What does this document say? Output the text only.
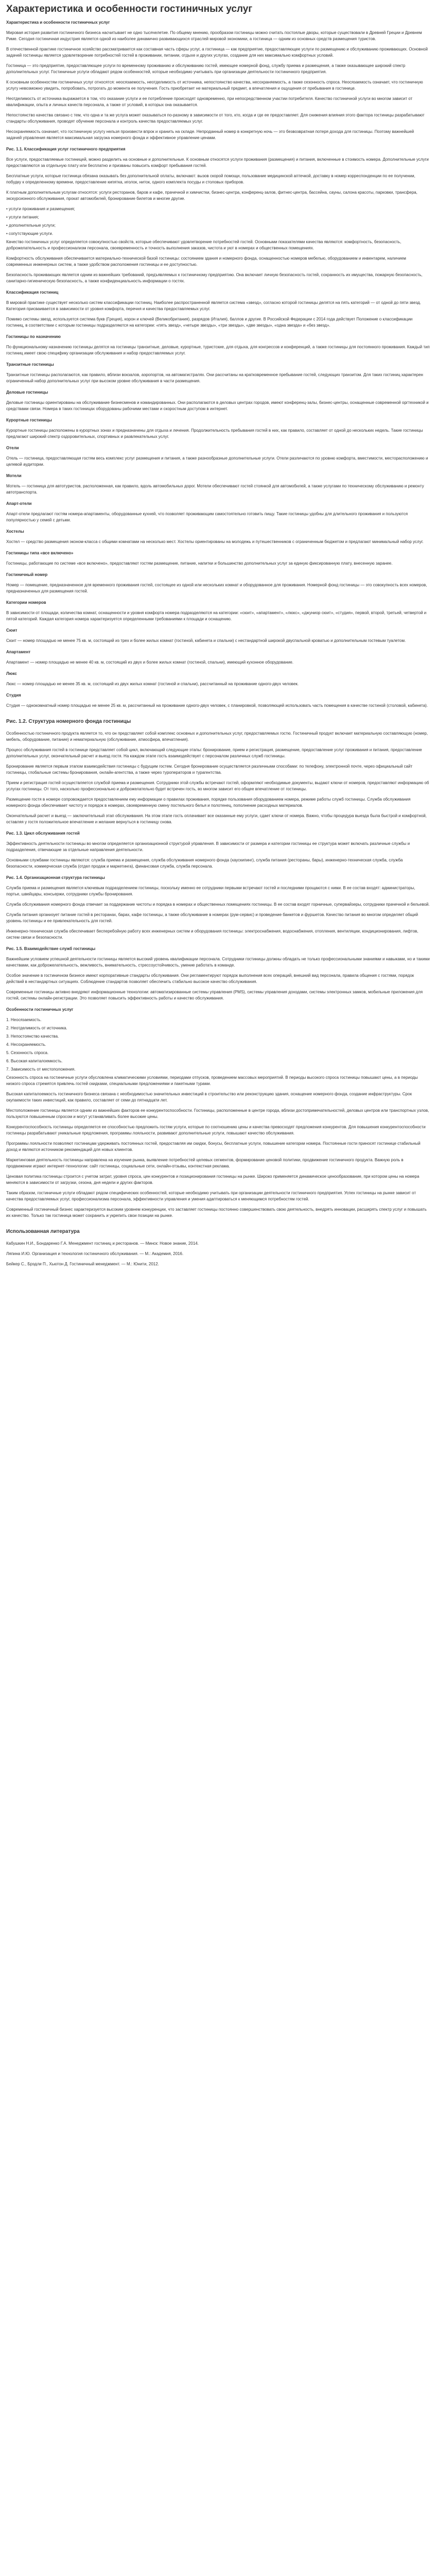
Характеристика и особенности гостиничных услуг

Характеристика и особенности гостиничных услуг

Мировая история развития гостиничного бизнеса насчитывает не одно тысячелетие. По общему мнению, прообразом гостиницы можно считать постоялые дворы, которые существовали в Древней Греции и Древнем Риме. Сегодня гостиничная индустрия является одной из наиболее динамично развивающихся отраслей мировой экономики, а гостиница — одним из основных средств размещения туристов.

В отечественной практике гостиничное хозяйство рассматривается как составная часть сферы услуг, а гостиница — как предприятие, предоставляющее услуги по размещению и обслуживанию проживающих. Основной задачей гостиницы является удовлетворение потребностей гостей в проживании, питании, отдыхе и других услугах, создание для них максимально комфортных условий.

Гостиница — это предприятие, предоставляющее услуги по временному проживанию и обслуживанию гостей, имеющее номерной фонд, службу приема и размещения, а также оказывающее широкий спектр дополнительных услуг. Гостиничные услуги обладают рядом особенностей, которые необходимо учитывать при организации деятельности гостиничного предприятия.

К основным особенностям гостиничных услуг относятся: неосязаемость, неотделимость от источника, непостоянство качества, несохраняемость, а также сезонность спроса. Неосязаемость означает, что гостиничную услугу невозможно увидеть, попробовать, потрогать до момента ее получения. Гость приобретает не материальный предмет, а впечатления и ощущения от пребывания в гостинице.

Неотделимость от источника выражается в том, что оказание услуги и ее потребление происходят одновременно, при непосредственном участии потребителя. Качество гостиничной услуги во многом зависит от квалификации, опыта и личных качеств персонала, а также от условий, в которых она оказывается.

Непостоянство качества связано с тем, что одна и та же услуга может оказываться по-разному в зависимости от того, кто, когда и где ее предоставляет. Для снижения влияния этого фактора гостиницы разрабатывают стандарты обслуживания, проводят обучение персонала и контроль качества предоставляемых услуг.

Несохраняемость означает, что гостиничную услугу нельзя произвести впрок и хранить на складе. Непроданный номер в конкретную ночь — это безвозвратная потеря дохода для гостиницы. Поэтому важнейшей задачей управления является максимальная загрузка номерного фонда и эффективное управление ценами.

Рис. 1.1. Классификация услуг гостиничного предприятия

Все услуги, предоставляемые гостиницей, можно разделить на основные и дополнительные. К основным относятся услуги проживания (размещения) и питания, включенные в стоимость номера. Дополнительные услуги предоставляются за отдельную плату или бесплатно и призваны повысить комфорт пребывания гостей.

Бесплатные услуги, которые гостиница обязана оказывать без дополнительной оплаты, включают: вызов скорой помощи, пользование медицинской аптечкой, доставку в номер корреспонденции по ее получении, побудку к определенному времени, предоставление кипятка, иголок, ниток, одного комплекта посуды и столовых приборов.

К платным дополнительным услугам относятся: услуги ресторанов, баров и кафе, прачечной и химчистки, бизнес-центра, конференц-залов, фитнес-центра, бассейна, сауны, салона красоты, парковки, трансфера, экскурсионного обслуживания, прокат автомобилей, бронирование билетов и многие другие.

• услуги проживания и размещения;

• услуги питания;

• дополнительные услуги;

• сопутствующие услуги.

Качество гостиничных услуг определяется совокупностью свойств, которые обеспечивают удовлетворение потребностей гостей. Основными показателями качества являются: комфортность, безопасность, доброжелательность и профессионализм персонала, своевременность и точность выполнения заказов, чистота и уют в номерах и общественных помещениях.

Комфортность обслуживания обеспечивается материально-технической базой гостиницы: состоянием здания и номерного фонда, оснащенностью номеров мебелью, оборудованием и инвентарем, наличием современных инженерных систем, а также удобством расположения гостиницы и ее доступностью.

Безопасность проживающих является одним из важнейших требований, предъявляемых к гостиничному предприятию. Она включает личную безопасность гостей, сохранность их имущества, пожарную безопасность, санитарно-гигиеническую безопасность, а также конфиденциальность информации о гостях.

Классификация гостиниц

В мировой практике существует несколько систем классификации гостиниц. Наиболее распространенной является система «звезд», согласно которой гостиницы делятся на пять категорий — от одной до пяти звезд. Категория присваивается в зависимости от уровня комфорта, перечня и качества предоставляемых услуг.

Помимо системы звезд, используется система букв (Греция), корон и ключей (Великобритания), разрядов (Италия), баллов и другие. В Российской Федерации с 2014 года действует Положение о классификации гостиниц, в соответствии с которым гостиницы подразделяются на категории: «пять звезд», «четыре звезды», «три звезды», «две звезды», «одна звезда» и «без звезд».

Гостиницы по назначению

По функциональному назначению гостиницы делятся на гостиницы транзитные, деловые, курортные, туристские, для отдыха, для конгрессов и конференций, а также гостиницы для постоянного проживания. Каждый тип гостиниц имеет свою специфику организации обслуживания и набор предоставляемых услуг.

Транзитные гостиницы

Транзитные гостиницы располагаются, как правило, вблизи вокзалов, аэропортов, на автомагистралях. Они рассчитаны на кратковременное пребывание гостей, следующих транзитом. Для таких гостиниц характерен ограниченный набор дополнительных услуг при высоком уровне обслуживания в части размещения.

Деловые гостиницы

Деловые гостиницы ориентированы на обслуживание бизнесменов и командированных. Они располагаются в деловых центрах городов, имеют конференц-залы, бизнес-центры, оснащенные современной оргтехникой и средствами связи. Номера в таких гостиницах оборудованы рабочими местами и скоростным доступом в интернет.

Курортные гостиницы

Курортные гостиницы расположены в курортных зонах и предназначены для отдыха и лечения. Продолжительность пребывания гостей в них, как правило, составляет от одной до нескольких недель. Такие гостиницы предлагают широкий спектр оздоровительных, спортивных и развлекательных услуг.

Отели

Отель — гостиница, предоставляющая гостям весь комплекс услуг размещения и питания, а также разнообразные дополнительные услуги. Отели различаются по уровню комфорта, вместимости, месторасположению и целевой аудитории.

Мотели

Мотель — гостиница для автотуристов, расположенная, как правило, вдоль автомобильных дорог. Мотели обеспечивают гостей стоянкой для автомобилей, а также услугами по техническому обслуживанию и ремонту автотранспорта.

Апарт-отели

Апарт-отели предлагают гостям номера-апартаменты, оборудованные кухней, что позволяет проживающим самостоятельно готовить пищу. Такие гостиницы удобны для длительного проживания и пользуются популярностью у семей с детьми.

Хостелы

Хостел — средство размещения эконом-класса с общими комнатами на несколько мест. Хостелы ориентированы на молодежь и путешественников с ограниченным бюджетом и предлагают минимальный набор услуг.

Гостиницы типа «все включено»

Гостиницы, работающие по системе «все включено», предоставляют гостям размещение, питание, напитки и большинство дополнительных услуг за единую фиксированную плату, внесенную заранее.

Гостиничный номер

Номер — помещение, предназначенное для временного проживания гостей, состоящее из одной или нескольких комнат и оборудованное для проживания. Номерной фонд гостиницы — это совокупность всех номеров, предназначенных для размещения гостей.

Категории номеров

В зависимости от площади, количества комнат, оснащенности и уровня комфорта номера подразделяются на категории: «сюит», «апартамент», «люкс», «джуниор сюит», «студия», первой, второй, третьей, четвертой и пятой категорий. Каждая категория номера характеризуется определенными требованиями к площади и оснащению.

Сюит

Сюит — номер площадью не менее 75 кв. м, состоящий из трех и более жилых комнат (гостиной, кабинета и спальни) с нестандартной широкой двуспальной кроватью и дополнительным гостевым туалетом.

Апартамент

Апартамент — номер площадью не менее 40 кв. м, состоящий из двух и более жилых комнат (гостиной, спальни), имеющий кухонное оборудование.

Люкс

Люкс — номер площадью не менее 35 кв. м, состоящий из двух жилых комнат (гостиной и спальни), рассчитанный на проживание одного-двух человек.

Студия

Студия — однокомнатный номер площадью не менее 25 кв. м, рассчитанный на проживание одного-двух человек, с планировкой, позволяющей использовать часть помещения в качестве гостиной (столовой, кабинета).

Рис. 1.2. Структура номерного фонда гостиницы

Особенностью гостиничного продукта является то, что он представляет собой комплекс основных и дополнительных услуг, предоставляемых гостю. Гостиничный продукт включает материальную составляющую (номер, мебель, оборудование, питание) и нематериальную (обслуживание, атмосфера, впечатления).

Процесс обслуживания гостей в гостинице представляет собой цикл, включающий следующие этапы: бронирование, прием и регистрация, размещение, предоставление услуг проживания и питания, предоставление дополнительных услуг, окончательный расчет и выезд гостя. На каждом этапе гость взаимодействует с персоналом различных служб гостиницы.

Бронирование является первым этапом взаимодействия гостиницы с будущим гостем. Сегодня бронирование осуществляется различными способами: по телефону, электронной почте, через официальный сайт гостиницы, глобальные системы бронирования, онлайн-агентства, а также через туроператоров и турагентства.

Прием и регистрация гостей осуществляется службой приема и размещения. Сотрудники этой службы встречают гостей, оформляют необходимые документы, выдают ключи от номеров, предоставляют информацию об услугах гостиницы. От того, насколько профессионально и доброжелательно будет встречен гость, во многом зависит его общее впечатление от гостиницы.

Размещение гостя в номере сопровождается предоставлением ему информации о правилах проживания, порядке пользования оборудованием номера, режиме работы служб гостиницы. Служба обслуживания номерного фонда обеспечивает чистоту и порядок в номерах, своевременную смену постельного белья и полотенец, пополнение расходных материалов.

Окончательный расчет и выезд — заключительный этап обслуживания. На этом этапе гость оплачивает все оказанные ему услуги, сдает ключи от номера. Важно, чтобы процедура выезда была быстрой и комфортной, оставляя у гостя положительное впечатление и желание вернуться в гостиницу снова.

Рис. 1.3. Цикл обслуживания гостей

Эффективность деятельности гостиницы во многом определяется организационной структурой управления. В зависимости от размера и категории гостиницы ее структура может включать различные службы и подразделения, отвечающие за отдельные направления деятельности.

Основными службами гостиницы являются: служба приема и размещения, служба обслуживания номерного фонда (хаускипинг), служба питания (рестораны, бары), инженерно-техническая служба, служба безопасности, коммерческая служба (отдел продаж и маркетинга), финансовая служба, служба персонала.

Рис. 1.4. Организационная структура гостиницы

Служба приема и размещения является ключевым подразделением гостиницы, поскольку именно ее сотрудники первыми встречают гостей и последними прощаются с ними. В ее состав входят: администраторы, портье, швейцары, консьержи, сотрудники службы бронирования.

Служба обслуживания номерного фонда отвечает за поддержание чистоты и порядка в номерах и общественных помещениях гостиницы. В ее состав входят горничные, супервайзеры, сотрудники прачечной и бельевой.

Служба питания организует питание гостей в ресторанах, барах, кафе гостиницы, а также обслуживание в номерах (рум-сервис) и проведение банкетов и фуршетов. Качество питания во многом определяет общий уровень гостиницы и ее привлекательность для гостей.

Инженерно-техническая служба обеспечивает бесперебойную работу всех инженерных систем и оборудования гостиницы: электроснабжения, водоснабжения, отопления, вентиляции, кондиционирования, лифтов, систем связи и безопасности.

Рис. 1.5. Взаимодействие служб гостиницы

Важнейшим условием успешной деятельности гостиницы является высокий уровень квалификации персонала. Сотрудники гостиницы должны обладать не только профессиональными знаниями и навыками, но и такими качествами, как доброжелательность, вежливость, внимательность, стрессоустойчивость, умение работать в команде.

Особое значение в гостиничном бизнесе имеют корпоративные стандарты обслуживания. Они регламентируют порядок выполнения всех операций, внешний вид персонала, правила общения с гостями, порядок действий в нестандартных ситуациях. Соблюдение стандартов позволяет обеспечить стабильно высокое качество обслуживания.

Современные гостиницы активно внедряют информационные технологии: автоматизированные системы управления (PMS), системы управления доходами, системы электронных замков, мобильные приложения для гостей, системы онлайн-регистрации. Это позволяет повысить эффективность работы и качество обслуживания.

Особенности гостиничных услуг

1. Неосязаемость.

2. Неотделимость от источника.

3. Непостоянство качества.

4. Несохраняемость.

5. Сезонность спроса.

6. Высокая капиталоемкость.

7. Зависимость от местоположения.

Сезонность спроса на гостиничные услуги обусловлена климатическими условиями, периодами отпусков, проведением массовых мероприятий. В периоды высокого спроса гостиницы повышают цены, а в периоды низкого спроса стремятся привлечь гостей скидками, специальными предложениями и пакетными турами.

Высокая капиталоемкость гостиничного бизнеса связана с необходимостью значительных инвестиций в строительство или реконструкцию здания, оснащение номерного фонда, создание инфраструктуры. Срок окупаемости таких инвестиций, как правило, составляет от семи до пятнадцати лет.

Местоположение гостиницы является одним из важнейших факторов ее конкурентоспособности. Гостиницы, расположенные в центре города, вблизи достопримечательностей, деловых центров или транспортных узлов, пользуются повышенным спросом и могут устанавливать более высокие цены.

Конкурентоспособность гостиницы определяется ее способностью предложить гостям услуги, которые по соотношению цены и качества превосходят предложения конкурентов. Для повышения конкурентоспособности гостиницы разрабатывают уникальные предложения, программы лояльности, развивают дополнительные услуги, повышают качество обслуживания.

Программы лояльности позволяют гостиницам удерживать постоянных гостей, предоставляя им скидки, бонусы, бесплатные услуги, повышение категории номера. Постоянные гости приносят гостинице стабильный доход и являются источником рекомендаций для новых клиентов.

Маркетинговая деятельность гостиницы направлена на изучение рынка, выявление потребностей целевых сегментов, формирование ценовой политики, продвижение гостиничного продукта. Важную роль в продвижении играют интернет-технологии: сайт гостиницы, социальные сети, онлайн-отзывы, контекстная реклама.

Ценовая политика гостиницы строится с учетом затрат, уровня спроса, цен конкурентов и позиционирования гостиницы на рынке. Широко применяется динамическое ценообразование, при котором цены на номера меняются в зависимости от загрузки, сезона, дня недели и других факторов.

Таким образом, гостиничные услуги обладают рядом специфических особенностей, которые необходимо учитывать при организации деятельности гостиничного предприятия. Успех гостиницы на рынке зависит от качества предоставляемых услуг, профессионализма персонала, эффективности управления и умения адаптироваться к меняющимся потребностям гостей.

Современный гостиничный бизнес характеризуется высоким уровнем конкуренции, что заставляет гостиницы постоянно совершенствовать свою деятельность, внедрять инновации, расширять спектр услуг и повышать их качество. Только так гостиница может сохранить и укрепить свои позиции на рынке.

Использованная литература

Кабушкин Н.И., Бондаренко Г.А. Менеджмент гостиниц и ресторанов. — Минск: Новое знание, 2014.

Ляпина И.Ю. Организация и технология гостиничного обслуживания. — М.: Академия, 2016.

Бейкер С., Брэдли П., Хьютон Д. Гостиничный менеджмент. — М.: Юнити, 2012.
